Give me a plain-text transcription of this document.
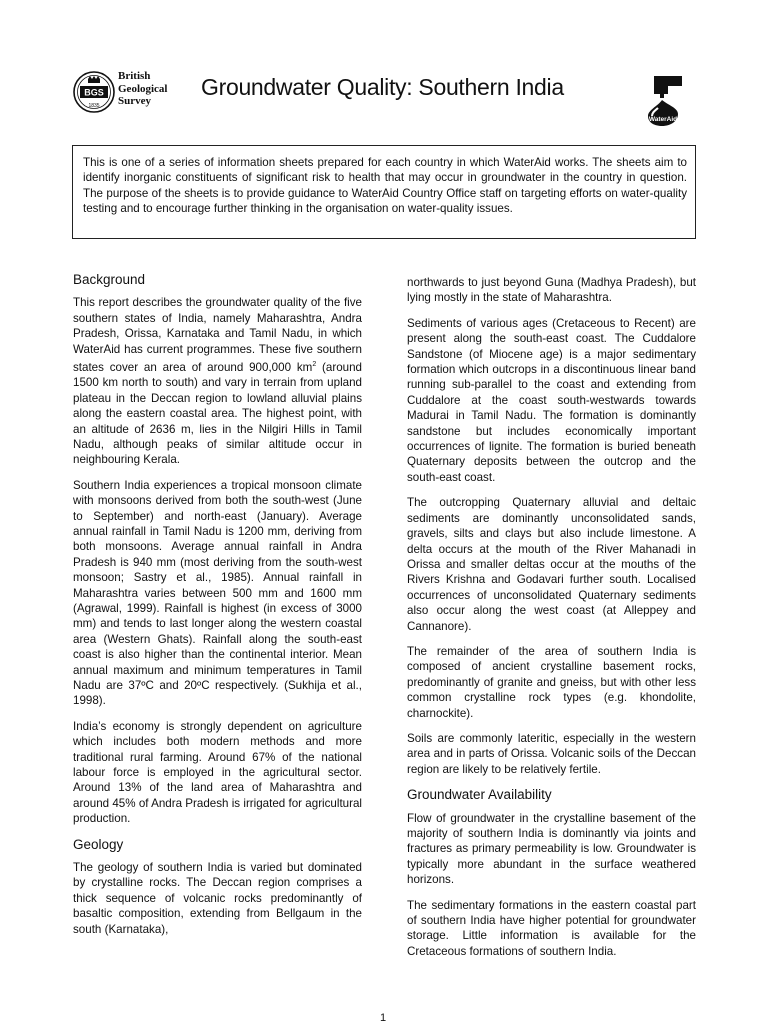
BGS
1835
British
Geological
Survey
Groundwater Quality: Southern India
WaterAid
This is one of a series of information sheets prepared for each country in which WaterAid works. The sheets aim to identify inorganic constituents of significant risk to health that may occur in groundwater in the country in question. The purpose of the sheets is to provide guidance to WaterAid Country Office staff on targeting efforts on water-quality testing and to encourage further thinking in the organisation on water-quality issues.
Background

This report describes the groundwater quality of the five southern states of India, namely Maharashtra, Andra Pradesh, Orissa, Karnataka and Tamil Nadu, in which WaterAid has current programmes. These five southern states cover an area of around 900,000 $km^2$ (around 1500 km north to south) and vary in terrain from upland plateau in the Deccan region to lowland alluvial plains along the eastern coastal area. The highest point, with an altitude of 2636 m, lies in the Nilgiri Hills in Tamil Nadu, although peaks of similar altitude occur in neighbouring Kerala.

Southern India experiences a tropical monsoon climate with monsoons derived from both the south-west (June to September) and north-east (January). Average annual rainfall in Tamil Nadu is 1200 mm, deriving from both monsoons. Average annual rainfall in Andra Pradesh is 940 mm (most deriving from the south-west monsoon; Sastry et al., 1985). Annual rainfall in Maharashtra varies between 500 mm and 1600 mm (Agrawal, 1999). Rainfall is highest (in excess of 3000 mm) and tends to last longer along the western coastal area (Western Ghats). Rainfall along the south-east coast is also higher than the continental interior. Mean annual maximum and minimum temperatures in Tamil Nadu are 37ºC and 20ºC respectively. (Sukhija et al., 1998).

India’s economy is strongly dependent on agriculture which includes both modern methods and more traditional rural farming. Around 67% of the national labour force is employed in the agricultural sector. Around 13% of the land area of Maharashtra and around 45% of Andra Pradesh is irrigated for agricultural production.

Geology

The geology of southern India is varied but dominated by crystalline rocks. The Deccan region comprises a thick sequence of volcanic rocks predominantly of basaltic composition, extending from Bellgaum in the south (Karnataka),

northwards to just beyond Guna (Madhya Pradesh), but lying mostly in the state of Maharashtra.

Sediments of various ages (Cretaceous to Recent) are present along the south-east coast. The Cuddalore Sandstone (of Miocene age) is a major sedimentary formation which outcrops in a discontinuous linear band running sub-parallel to the coast and extending from Cuddalore at the coast south-westwards towards Madurai in Tamil Nadu. The formation is dominantly sandstone but includes economically important occurrences of lignite. The formation is buried beneath Quaternary deposits between the outcrop and the south-east coast.

The outcropping Quaternary alluvial and deltaic sediments are dominantly unconsolidated sands, gravels, silts and clays but also include limestone. A delta occurs at the mouth of the River Mahanadi in Orissa and smaller deltas occur at the mouths of the Rivers Krishna and Godavari further south. Localised occurrences of unconsolidated Quaternary sediments also occur along the west coast (at Alleppey and Cannanore).

The remainder of the area of southern India is composed of ancient crystalline basement rocks, predominantly of granite and gneiss, but with other less common crystalline rock types (e.g. khondolite, charnockite).

Soils are commonly lateritic, especially in the western area and in parts of Orissa. Volcanic soils of the Deccan region are likely to be relatively fertile.

Groundwater Availability

Flow of groundwater in the crystalline basement of the majority of southern India is dominantly via joints and fractures as primary permeability is low. Groundwater is typically more abundant in the surface weathered horizons.

The sedimentary formations in the eastern coastal part of southern India have higher potential for groundwater storage. Little information is available for the Cretaceous formations of southern India.

1
